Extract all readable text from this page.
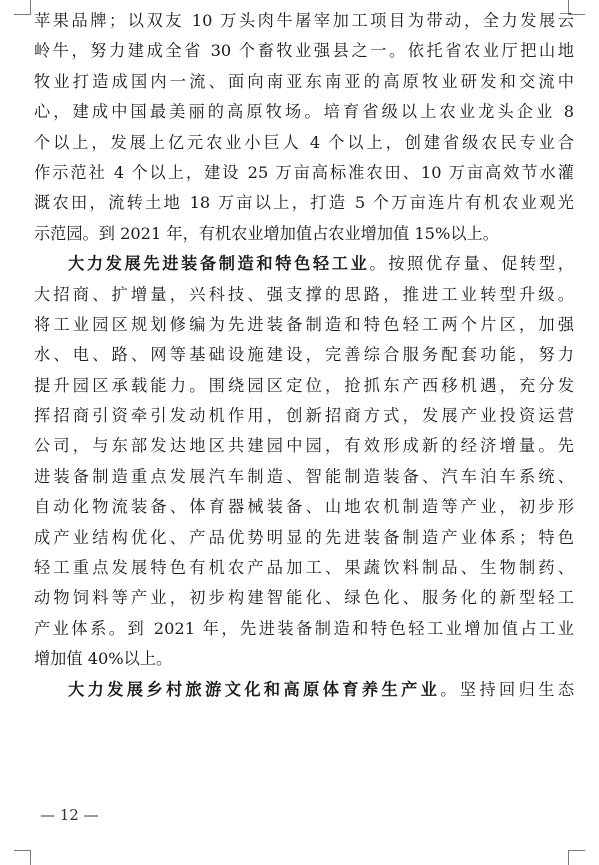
苹果品牌；以双友 10 万头肉牛屠宰加工项目为带动，全力发展云
岭牛，努力建成全省 30 个畜牧业强县之一。依托省农业厅把山地
牧业打造成国内一流、面向南亚东南亚的高原牧业研发和交流中
心，建成中国最美丽的高原牧场。培育省级以上农业龙头企业 8
个以上，发展上亿元农业小巨人 4 个以上，创建省级农民专业合
作示范社 4 个以上，建设 25 万亩高标准农田、10 万亩高效节水灌
溉农田，流转土地 18 万亩以上，打造 5 个万亩连片有机农业观光
示范园。到 2021 年，有机农业增加值占农业增加值 15%以上。
大力发展先进装备制造和特色轻工业。按照优存量、促转型，
大招商、扩增量，兴科技、强支撑的思路，推进工业转型升级。
将工业园区规划修编为先进装备制造和特色轻工两个片区，加强
水、电、路、网等基础设施建设，完善综合服务配套功能，努力
提升园区承载能力。围绕园区定位，抢抓东产西移机遇，充分发
挥招商引资牵引发动机作用，创新招商方式，发展产业投资运营
公司，与东部发达地区共建园中园，有效形成新的经济增量。先
进装备制造重点发展汽车制造、智能制造装备、汽车泊车系统、
自动化物流装备、体育器械装备、山地农机制造等产业，初步形
成产业结构优化、产品优势明显的先进装备制造产业体系；特色
轻工重点发展特色有机农产品加工、果蔬饮料制品、生物制药、
动物饲料等产业，初步构建智能化、绿色化、服务化的新型轻工
产业体系。到 2021 年，先进装备制造和特色轻工业增加值占工业
增加值 40%以上。
大力发展乡村旅游文化和高原体育养生产业。坚持回归生态
— 12 —
